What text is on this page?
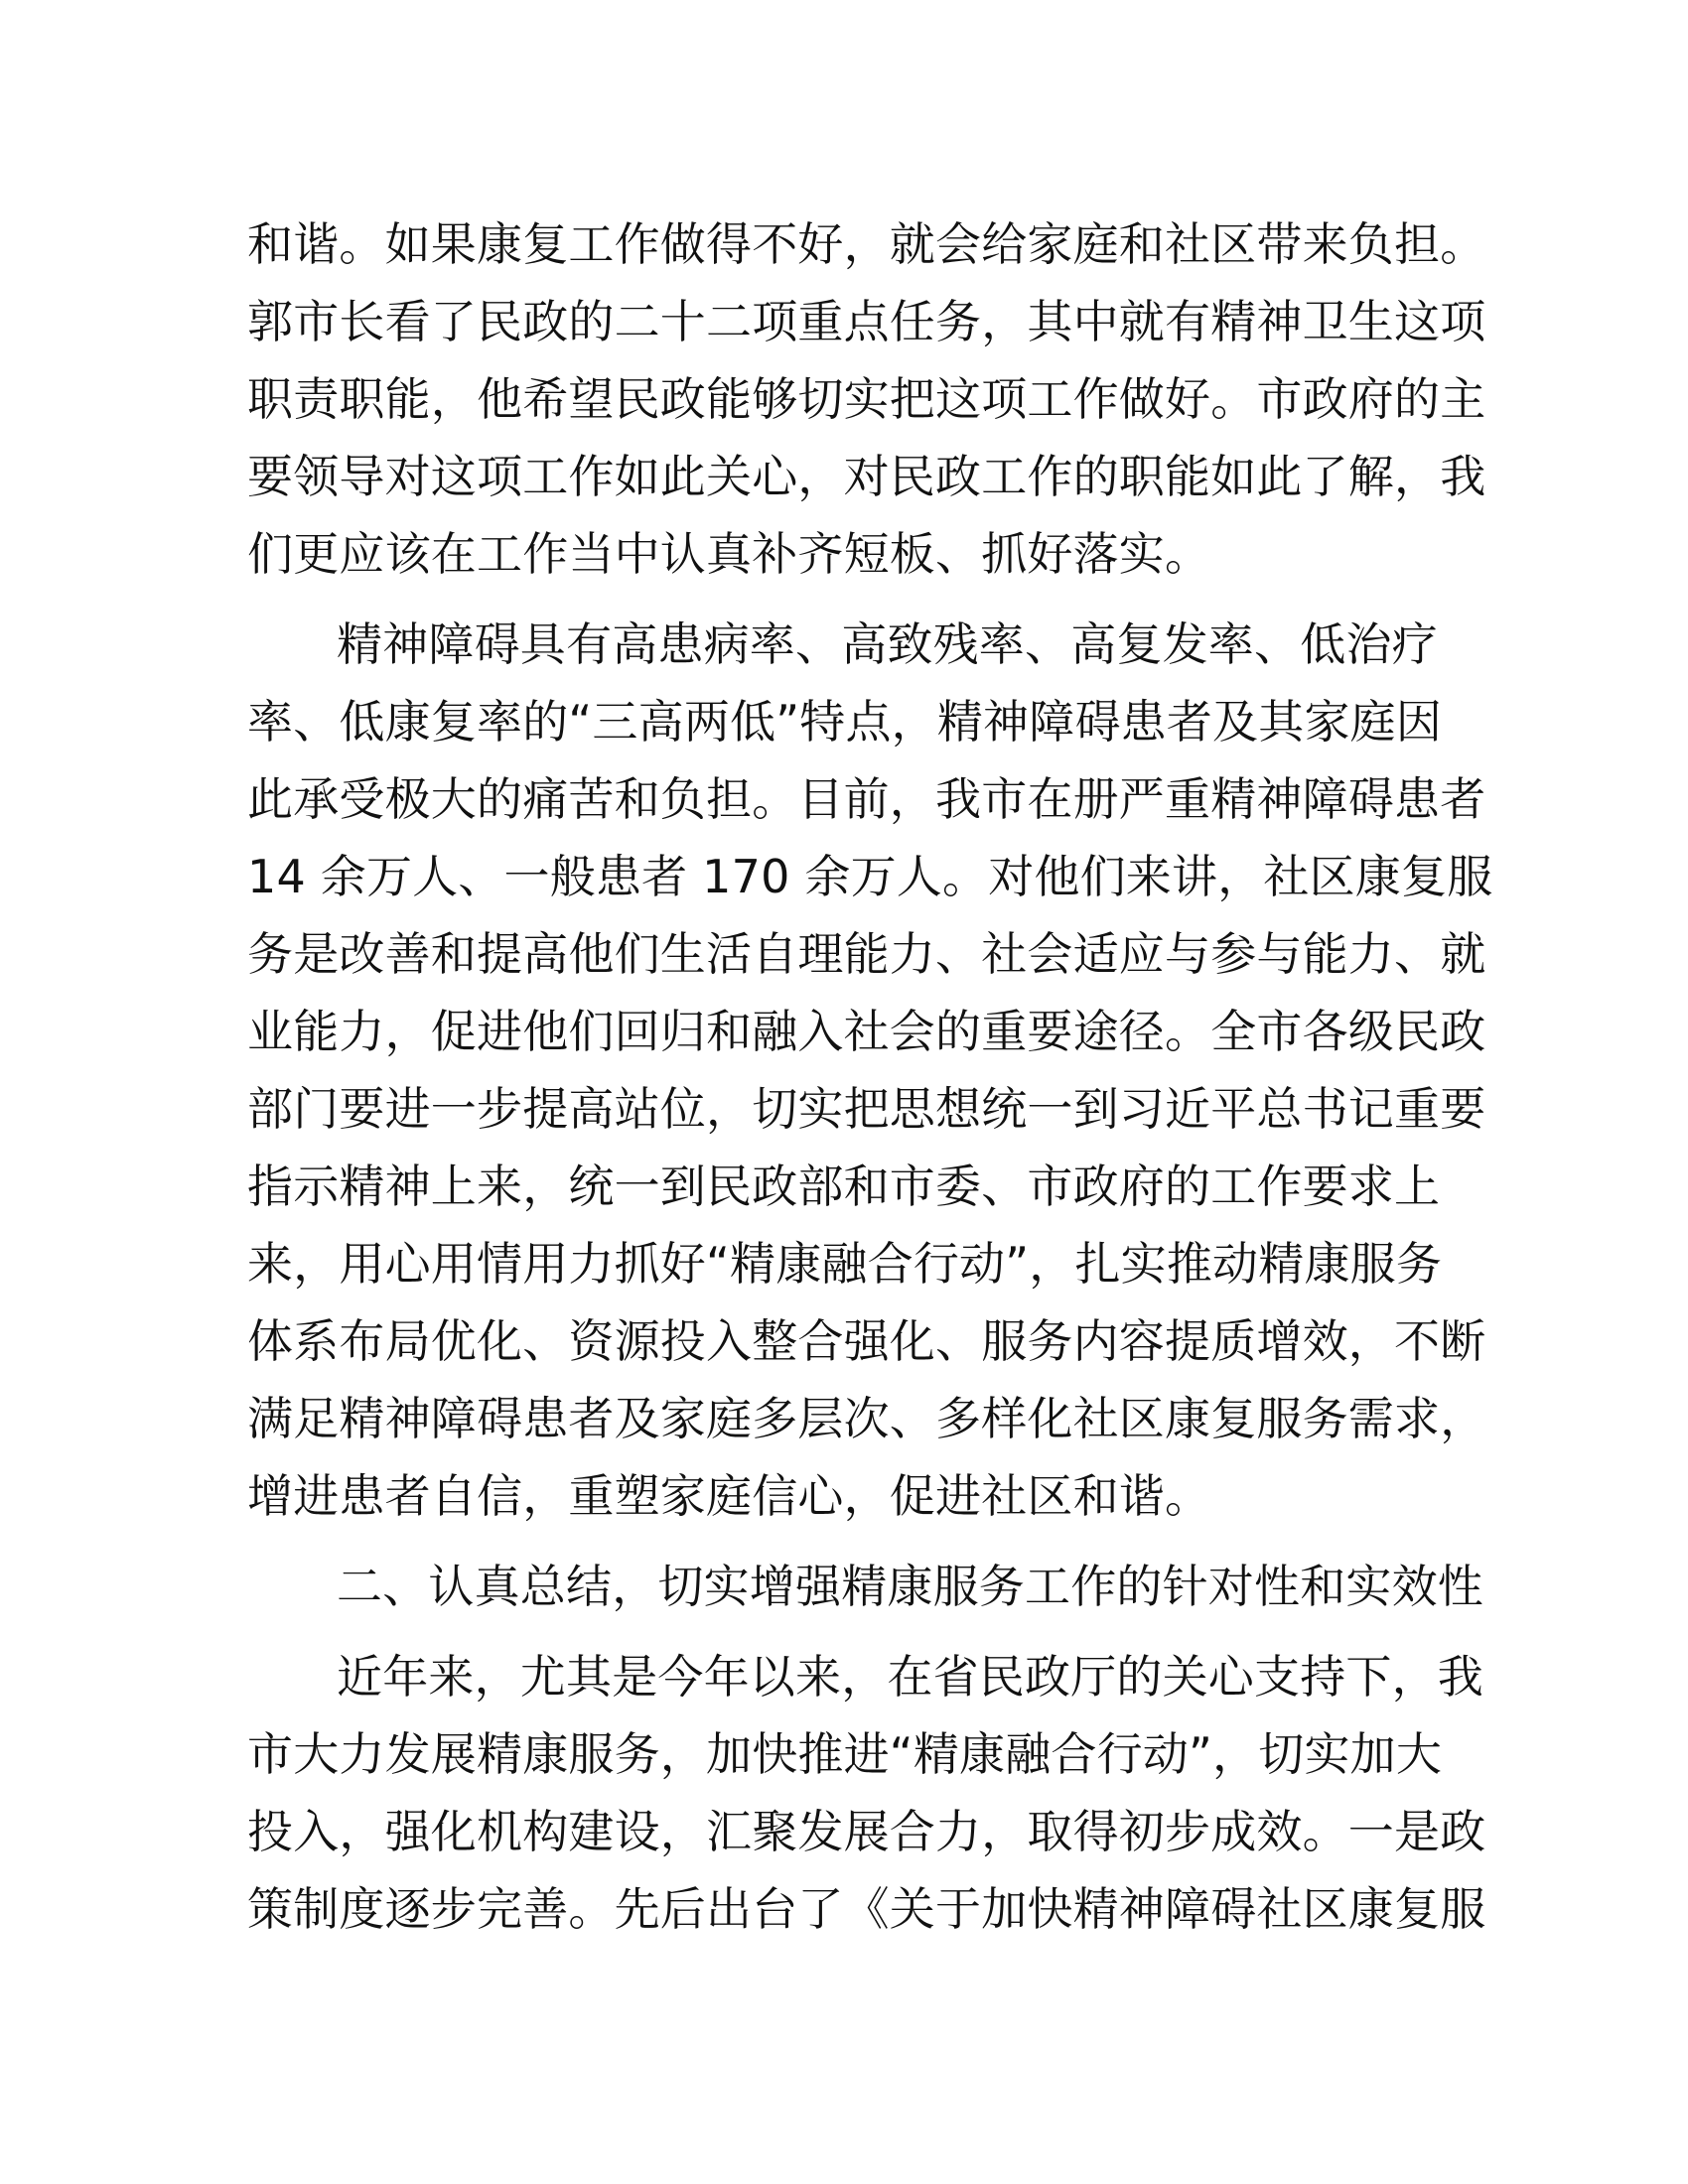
和谐。如果康复工作做得不好，就会给家庭和社区带来负担。
郭市长看了民政的二十二项重点任务，其中就有精神卫生这项
职责职能，他希望民政能够切实把这项工作做好。市政府的主
要领导对这项工作如此关心，对民政工作的职能如此了解，我
们更应该在工作当中认真补齐短板、抓好落实。
精神障碍具有高患病率、高致残率、高复发率、低治疗
率、低康复率的“三高两低”特点，精神障碍患者及其家庭因
此承受极大的痛苦和负担。目前，我市在册严重精神障碍患者
14 余万人、一般患者 170 余万人。对他们来讲，社区康复服
务是改善和提高他们生活自理能力、社会适应与参与能力、就
业能力，促进他们回归和融入社会的重要途径。全市各级民政
部门要进一步提高站位，切实把思想统一到习近平总书记重要
指示精神上来，统一到民政部和市委、市政府的工作要求上
来，用心用情用力抓好“精康融合行动”，扎实推动精康服务
体系布局优化、资源投入整合强化、服务内容提质增效，不断
满足精神障碍患者及家庭多层次、多样化社区康复服务需求，
增进患者自信，重塑家庭信心，促进社区和谐。
二、认真总结，切实增强精康服务工作的针对性和实效性
近年来，尤其是今年以来，在省民政厅的关心支持下，我
市大力发展精康服务，加快推进“精康融合行动”，切实加大
投入，强化机构建设，汇聚发展合力，取得初步成效。一是政
策制度逐步完善。先后出台了《关于加快精神障碍社区康复服
